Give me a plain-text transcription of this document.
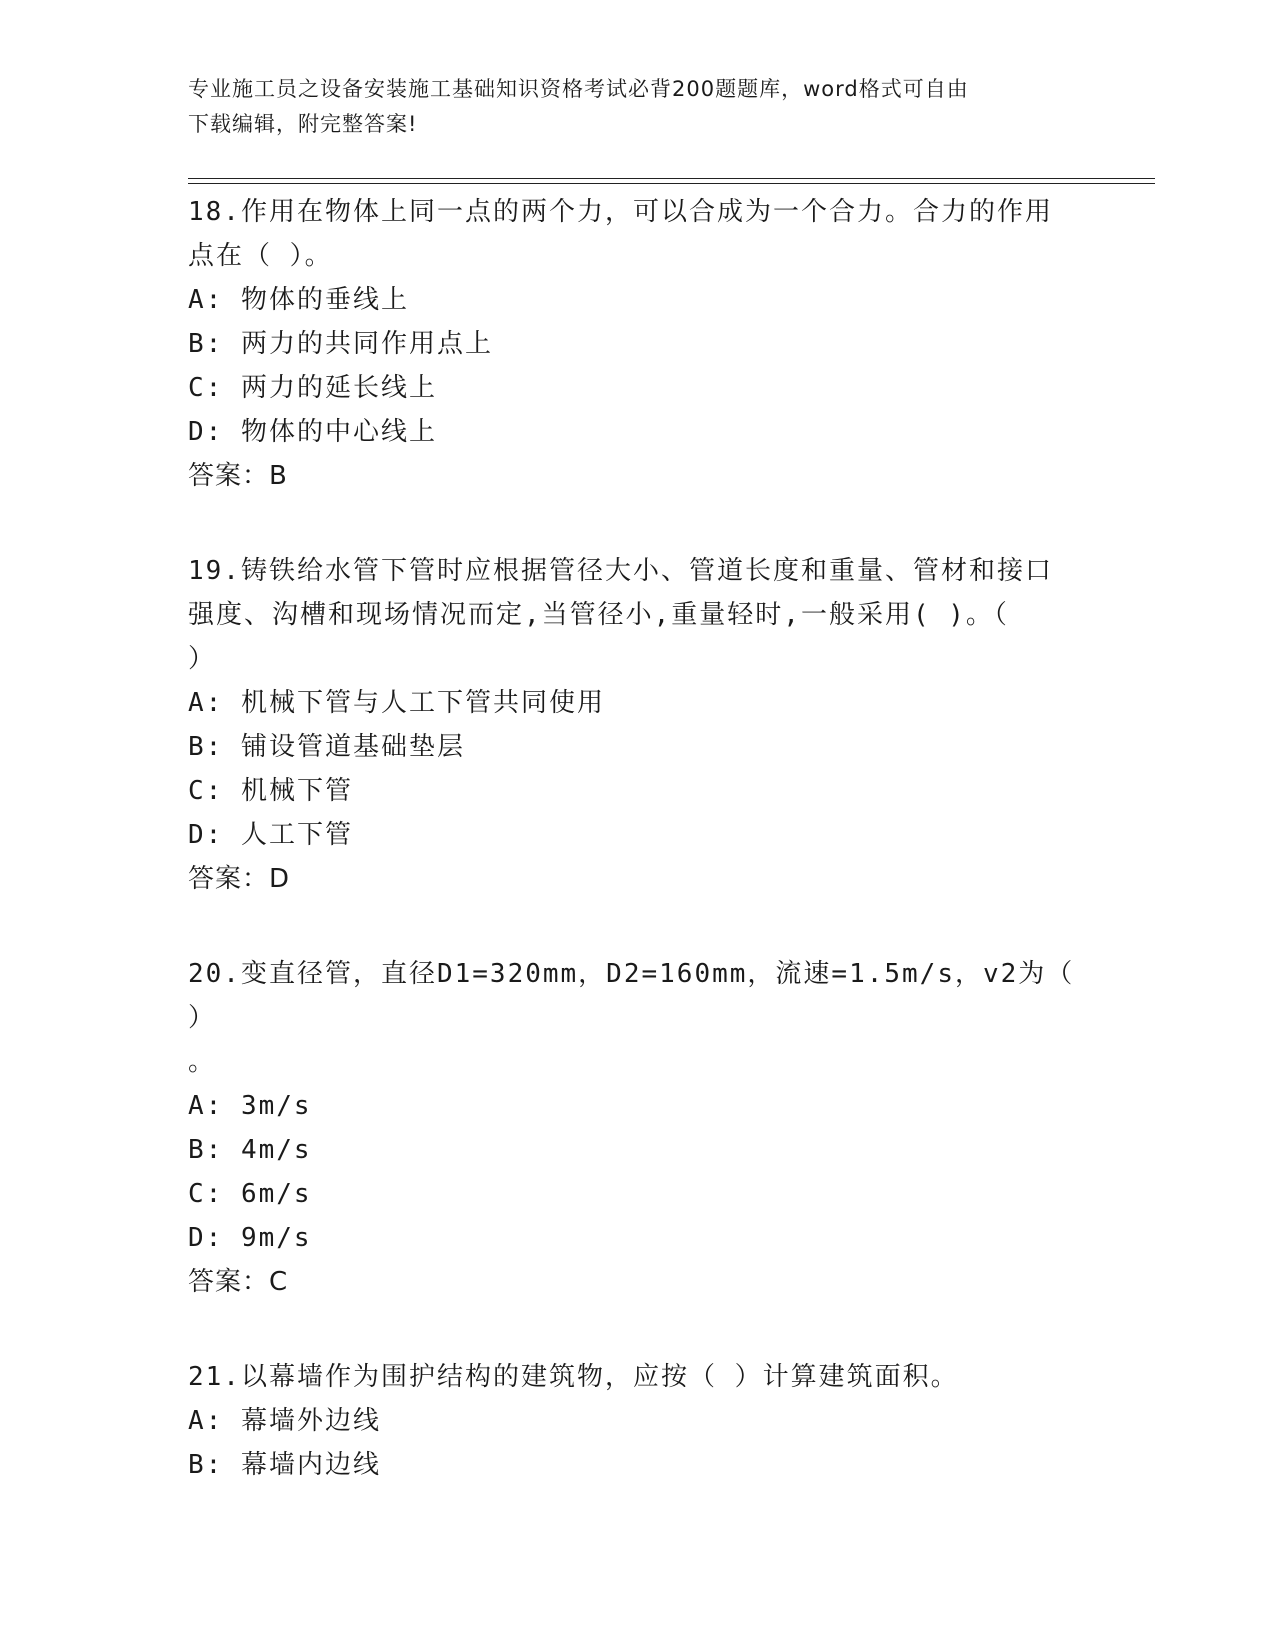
专业施工员之设备安装施工基础知识资格考试必背200题题库，word格式可自由
下载编辑，附完整答案!
18.作用在物体上同一点的两个力，可以合成为一个合力。合力的作用
点在（ ）。
A: 物体的垂线上
B: 两力的共同作用点上
C: 两力的延长线上
D: 物体的中心线上
答案：B
19.铸铁给水管下管时应根据管径大小、管道长度和重量、管材和接口
强度、沟槽和现场情况而定,当管径小,重量轻时,一般采用( )。（
）
A: 机械下管与人工下管共同使用
B: 铺设管道基础垫层
C: 机械下管
D: 人工下管
答案：D
20.变直径管，直径D1=320mm，D2=160mm，流速=1.5m/s，v2为（ ）
。
A: 3m/s
B: 4m/s
C: 6m/s
D: 9m/s
答案：C
21.以幕墙作为围护结构的建筑物，应按（ ）计算建筑面积。
A: 幕墙外边线
B: 幕墙内边线
